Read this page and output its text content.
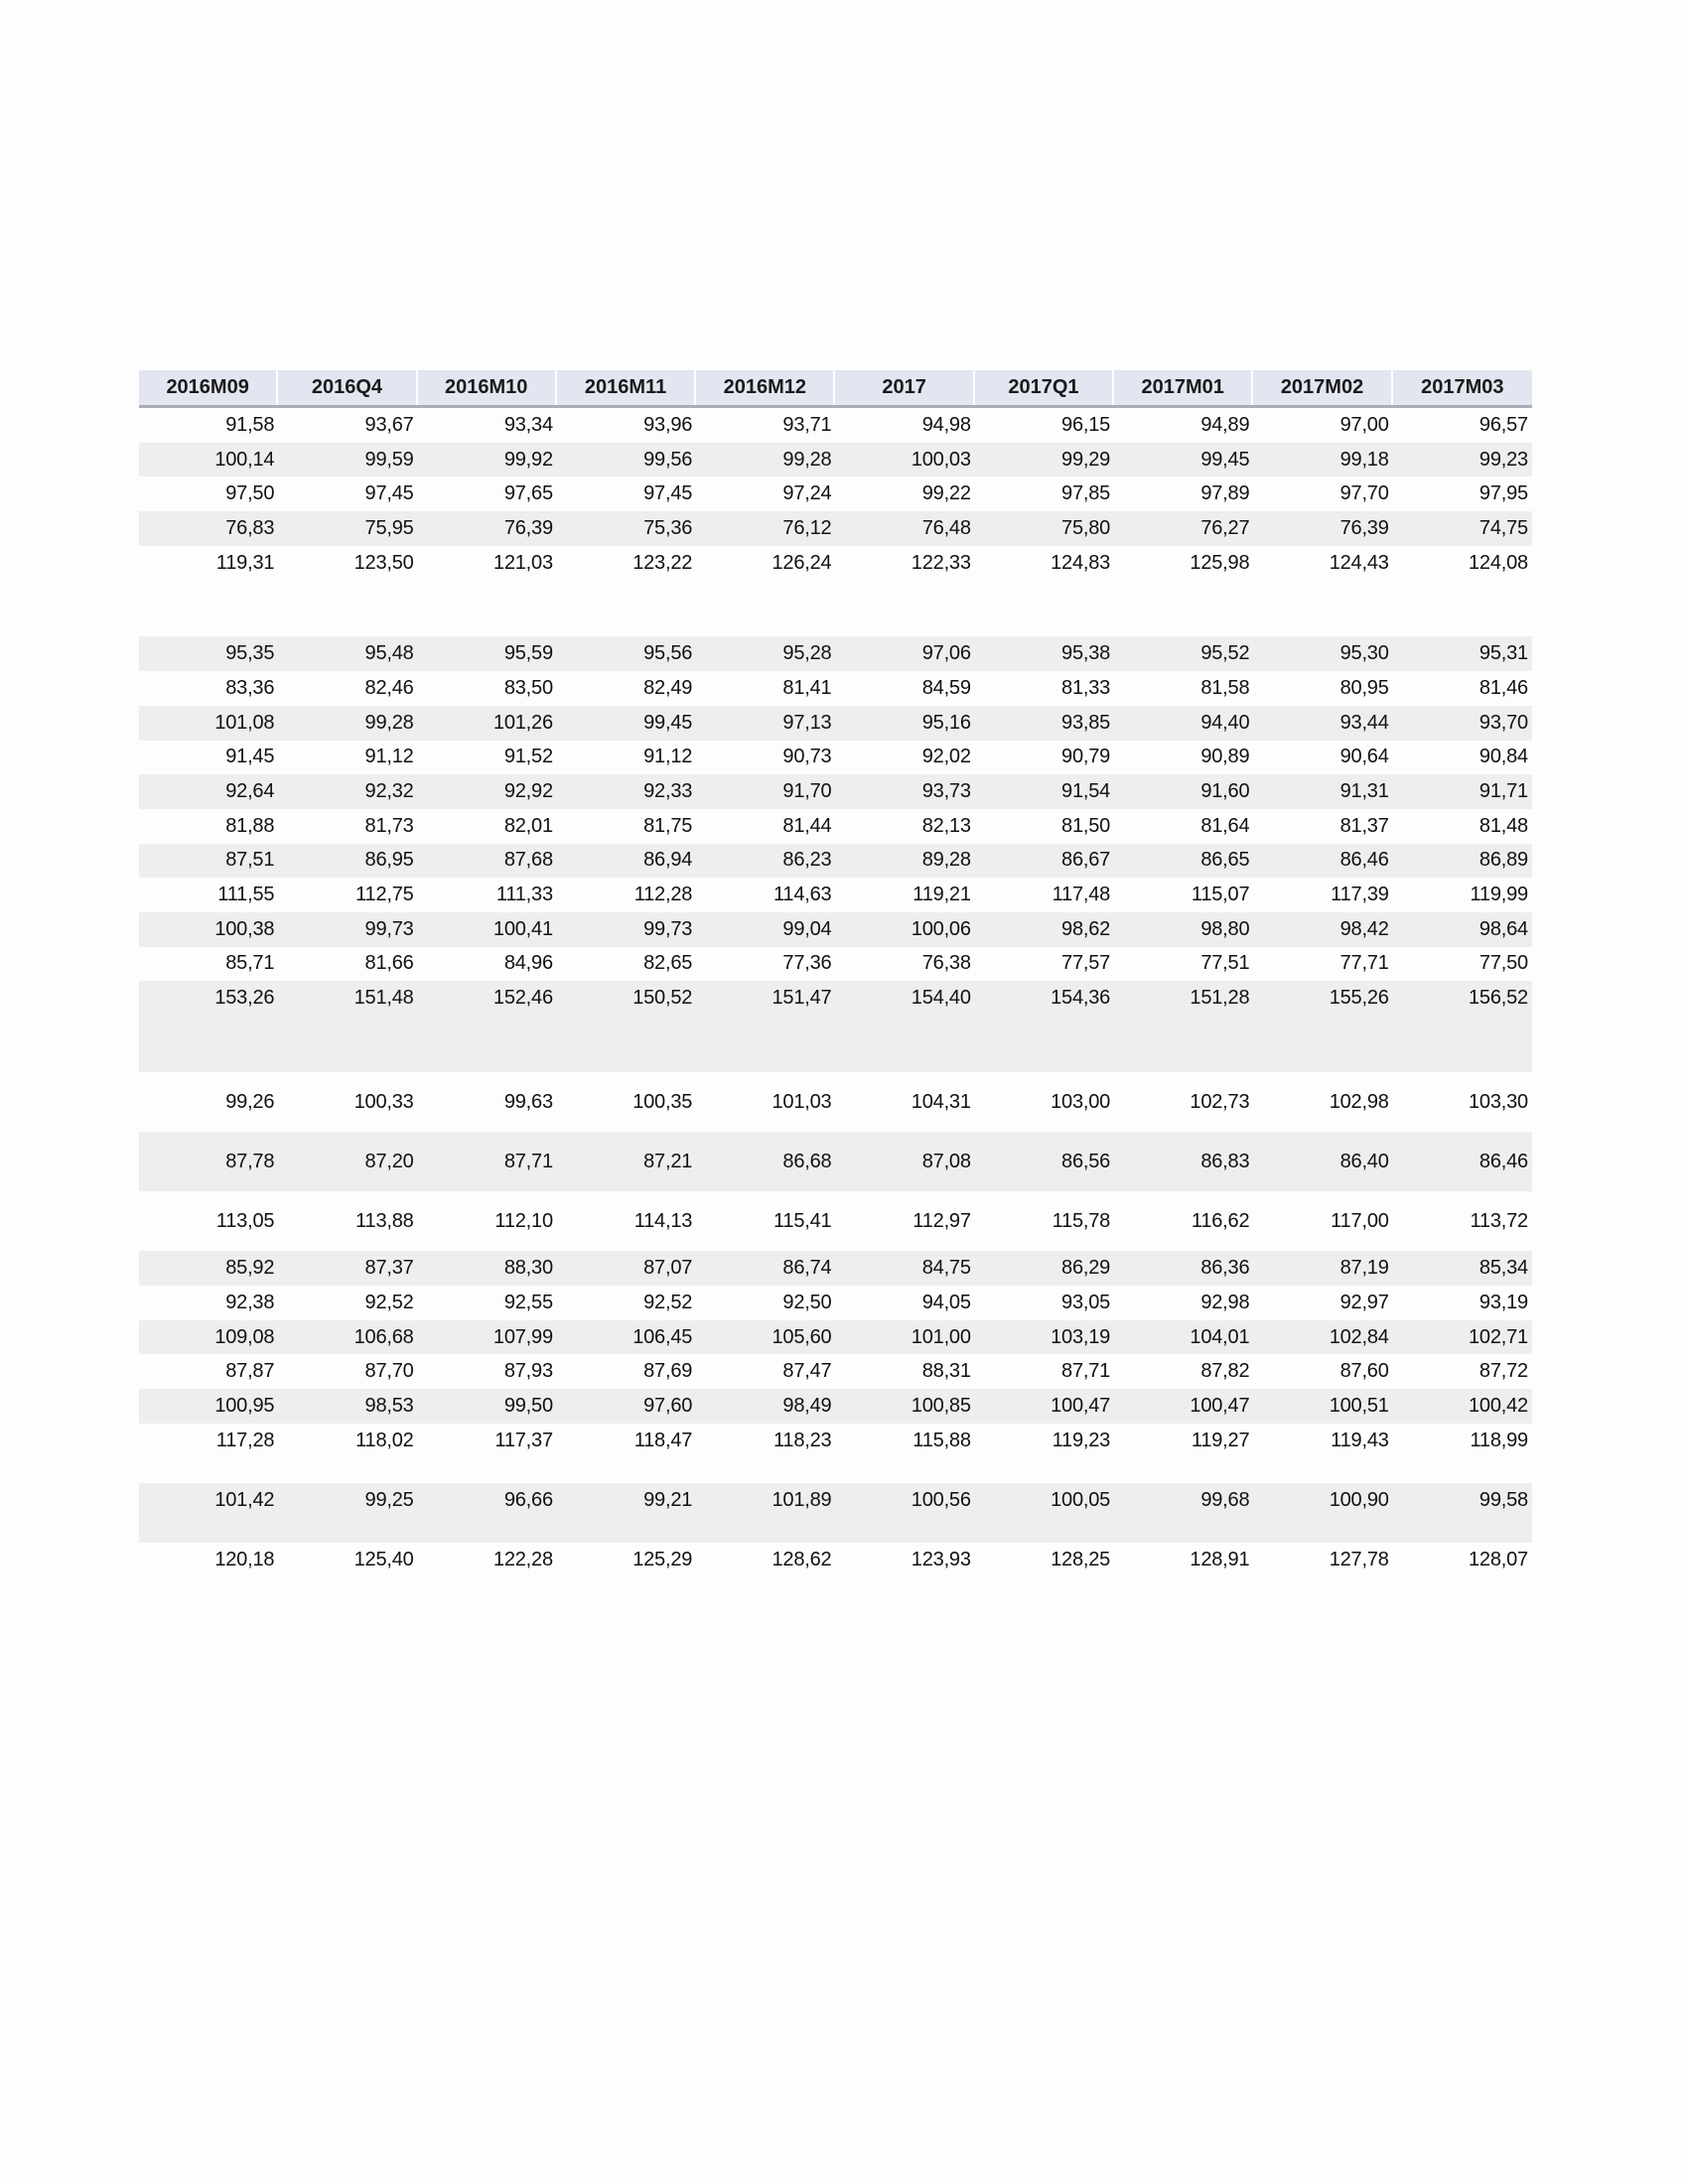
2016M09	2016Q4	2016M10	2016M11	2016M12	2017	2017Q1	2017M01	2017M02	2017M03
91,58	93,67	93,34	93,96	93,71	94,98	96,15	94,89	97,00	96,57
100,14	99,59	99,92	99,56	99,28	100,03	99,29	99,45	99,18	99,23
97,50	97,45	97,65	97,45	97,24	99,22	97,85	97,89	97,70	97,95
76,83	75,95	76,39	75,36	76,12	76,48	75,80	76,27	76,39	74,75
119,31	123,50	121,03	123,22	126,24	122,33	124,83	125,98	124,43	124,08
95,35	95,48	95,59	95,56	95,28	97,06	95,38	95,52	95,30	95,31
83,36	82,46	83,50	82,49	81,41	84,59	81,33	81,58	80,95	81,46
101,08	99,28	101,26	99,45	97,13	95,16	93,85	94,40	93,44	93,70
91,45	91,12	91,52	91,12	90,73	92,02	90,79	90,89	90,64	90,84
92,64	92,32	92,92	92,33	91,70	93,73	91,54	91,60	91,31	91,71
81,88	81,73	82,01	81,75	81,44	82,13	81,50	81,64	81,37	81,48
87,51	86,95	87,68	86,94	86,23	89,28	86,67	86,65	86,46	86,89
111,55	112,75	111,33	112,28	114,63	119,21	117,48	115,07	117,39	119,99
100,38	99,73	100,41	99,73	99,04	100,06	98,62	98,80	98,42	98,64
85,71	81,66	84,96	82,65	77,36	76,38	77,57	77,51	77,71	77,50
153,26	151,48	152,46	150,52	151,47	154,40	154,36	151,28	155,26	156,52
99,26	100,33	99,63	100,35	101,03	104,31	103,00	102,73	102,98	103,30
87,78	87,20	87,71	87,21	86,68	87,08	86,56	86,83	86,40	86,46
113,05	113,88	112,10	114,13	115,41	112,97	115,78	116,62	117,00	113,72
85,92	87,37	88,30	87,07	86,74	84,75	86,29	86,36	87,19	85,34
92,38	92,52	92,55	92,52	92,50	94,05	93,05	92,98	92,97	93,19
109,08	106,68	107,99	106,45	105,60	101,00	103,19	104,01	102,84	102,71
87,87	87,70	87,93	87,69	87,47	88,31	87,71	87,82	87,60	87,72
100,95	98,53	99,50	97,60	98,49	100,85	100,47	100,47	100,51	100,42
117,28	118,02	117,37	118,47	118,23	115,88	119,23	119,27	119,43	118,99
101,42	99,25	96,66	99,21	101,89	100,56	100,05	99,68	100,90	99,58
120,18	125,40	122,28	125,29	128,62	123,93	128,25	128,91	127,78	128,07
